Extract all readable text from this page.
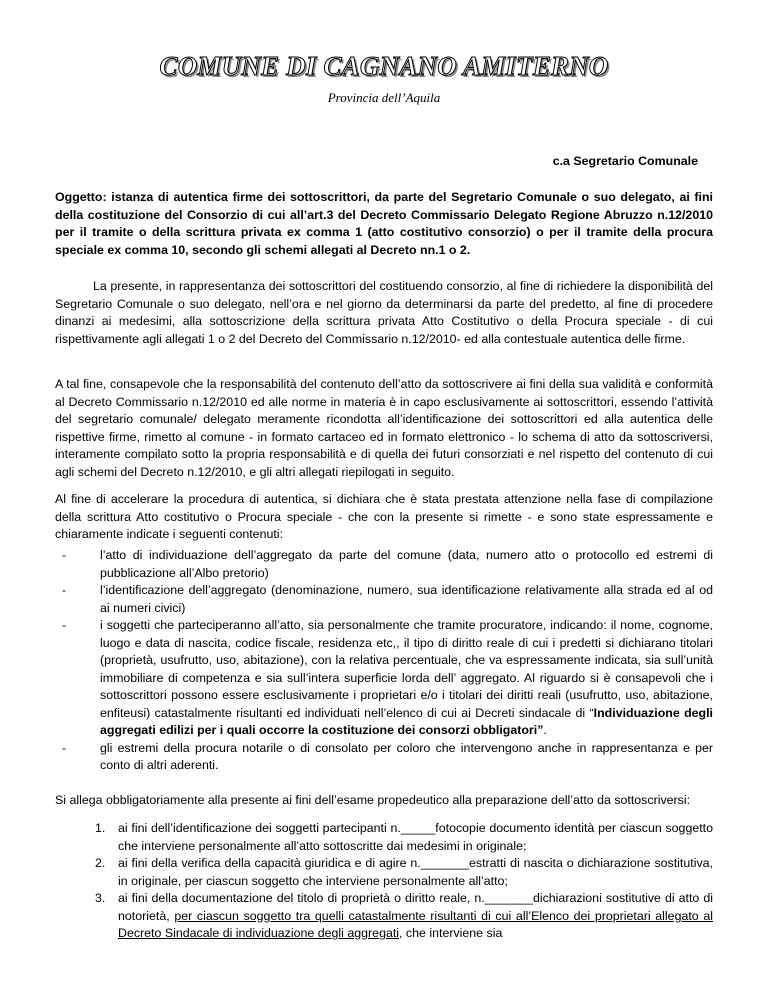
COMUNE DI CAGNANO AMITERNO
Provincia dell’Aquila
c.a Segretario Comunale
Oggetto: istanza di autentica firme dei sottoscrittori, da parte del Segretario Comunale o suo delegato, ai fini della costituzione del Consorzio di cui all’art.3 del Decreto Commissario Delegato Regione Abruzzo n.12/2010 per il tramite o della scrittura privata ex comma 1 (atto costitutivo consorzio) o per il tramite della procura speciale ex comma 10, secondo gli schemi allegati al Decreto nn.1 o 2.
La presente, in rappresentanza dei sottoscrittori del costituendo consorzio, al fine di richiedere la disponibilità del Segretario Comunale o suo delegato, nell’ora e nel giorno da determinarsi da parte del predetto, al fine di procedere dinanzi ai medesimi, alla sottoscrizione della scrittura privata Atto Costitutivo o della Procura speciale - di cui rispettivamente agli allegati 1 o 2 del Decreto del Commissario n.12/2010- ed alla contestuale autentica delle firme.
A tal fine, consapevole che la responsabilità del contenuto dell’atto da sottoscrivere ai fini della sua validità e conformità al Decreto Commissario n.12/2010 ed alle norme in materia è in capo esclusivamente ai sottoscrittori, essendo l’attività del segretario comunale/ delegato meramente ricondotta all’identificazione dei sottoscrittori ed alla autentica delle rispettive firme, rimetto al comune - in formato cartaceo ed in formato elettronico - lo schema di atto da sottoscriversi, interamente compilato sotto la propria responsabilità e di quella dei futuri consorziati e nel rispetto del contenuto di cui agli schemi del Decreto n.12/2010, e gli altri allegati riepilogati in seguito.
Al fine di accelerare la procedura di autentica, si dichiara che è stata prestata attenzione nella fase di compilazione della scrittura Atto costitutivo o Procura speciale - che con la presente si rimette - e sono state espressamente e chiaramente indicate i seguenti contenuti:
-	l’atto di individuazione dell’aggregato da parte del comune (data, numero atto o protocollo ed estremi di pubblicazione all’Albo pretorio)
-	l’identificazione dell’aggregato (denominazione, numero, sua identificazione relativamente alla strada ed al od ai numeri civici)
-	i soggetti che parteciperanno all’atto, sia personalmente che tramite procuratore, indicando: il nome, cognome, luogo e data di nascita, codice fiscale, residenza etc,, il tipo di diritto reale di cui i predetti si dichiarano titolari (proprietà, usufrutto, uso, abitazione), con la relativa percentuale, che va espressamente indicata, sia sull’unità immobiliare di competenza e sia sull’intera superficie lorda dell’ aggregato. Al riguardo si è consapevoli che i sottoscrittori possono essere esclusivamente i proprietari e/o i titolari dei diritti reali (usufrutto, uso, abitazione, enfiteusi) catastalmente risultanti ed individuati nell’elenco di cui ai Decreti sindacale di “Individuazione degli aggregati edilizi per i quali occorre la costituzione dei consorzi obbligatori”.
-	gli estremi della procura notarile o di consolato per coloro che intervengono anche in rappresentanza e per conto di altri aderenti.
Si allega obbligatoriamente alla presente ai fini dell’esame propedeutico alla preparazione dell’atto da sottoscriversi:
1. ai fini dell’identificazione dei soggetti partecipanti n._____fotocopie documento identità per ciascun soggetto che interviene personalmente all’atto sottoscritte dai medesimi in originale;
2. ai fini della verifica della capacità giuridica e di agire n._______estratti di nascita o dichiarazione sostitutiva, in originale, per ciascun soggetto che interviene personalmente all’atto;
3. ai fini della documentazione del titolo di proprietà o diritto reale, n._______dichiarazioni sostitutive di atto di notorietà, per ciascun soggetto tra quelli catastalmente risultanti di cui all’Elenco dei proprietari allegato al Decreto Sindacale di individuazione degli aggregati, che interviene sia
